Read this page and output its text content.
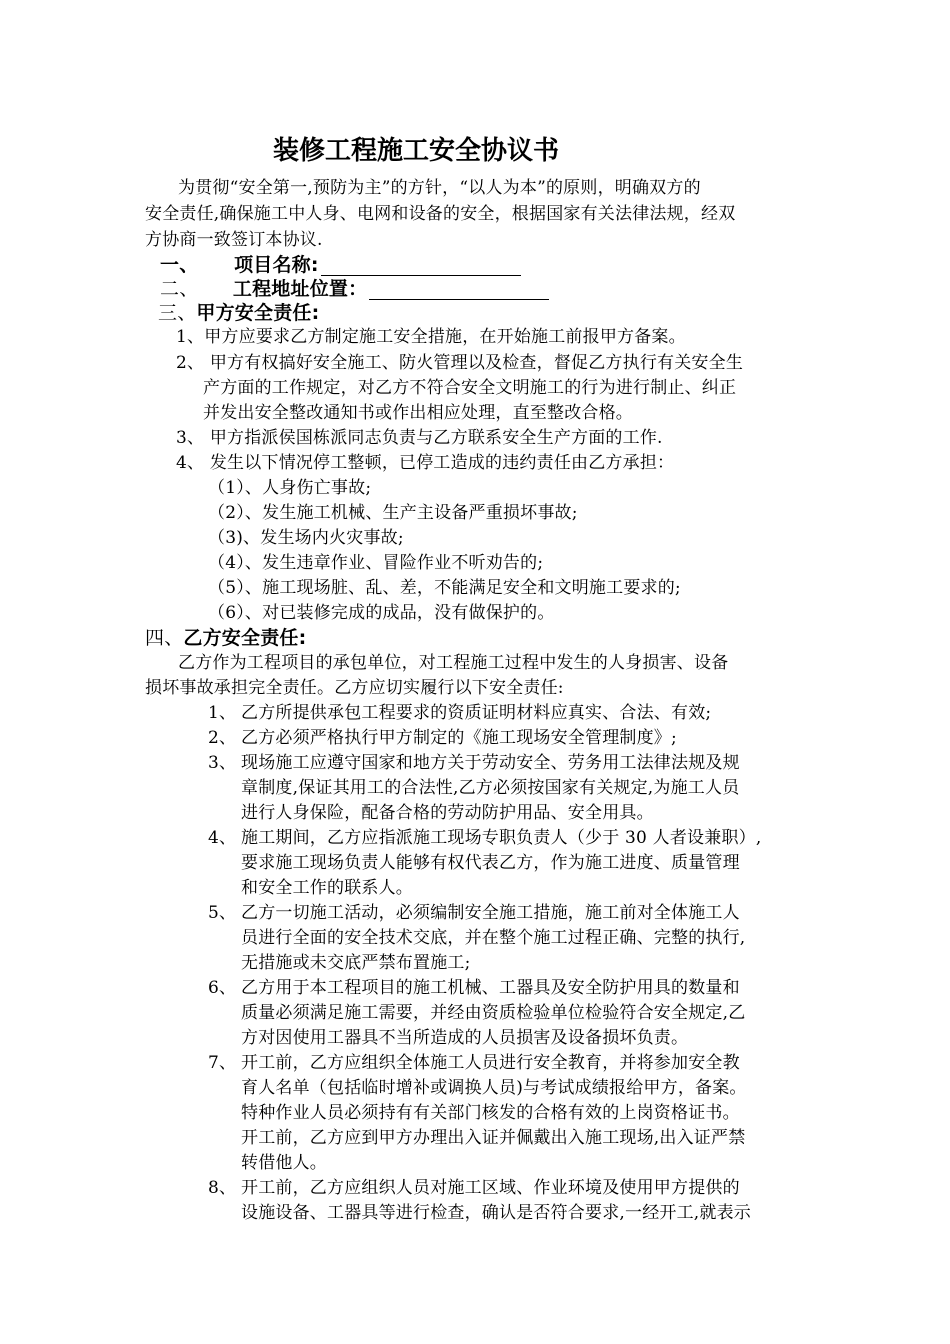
装修工程施工安全协议书
为贯彻“安全第一,预防为主”的方针，“以人为本”的原则，明确双方的
安全责任,确保施工中人身、电网和设备的安全，根据国家有关法律法规，经双
方协商一致签订本协议.
一、 项目名称:
二、 工程地址位置：
三、甲方安全责任:
1、甲方应要求乙方制定施工安全措施，在开始施工前报甲方备案。
2、 甲方有权搞好安全施工、防火管理以及检查，督促乙方执行有关安全生
产方面的工作规定，对乙方不符合安全文明施工的行为进行制止、纠正
并发出安全整改通知书或作出相应处理，直至整改合格。
3、 甲方指派侯国栋派同志负责与乙方联系安全生产方面的工作.
4、 发生以下情况停工整顿，已停工造成的违约责任由乙方承担：
（1）、人身伤亡事故;
（2）、发生施工机械、生产主设备严重损坏事故;
（3)、发生场内火灾事故;
（4）、发生违章作业、冒险作业不听劝告的;
（5）、施工现场脏、乱、差，不能满足安全和文明施工要求的;
（6）、对已装修完成的成品，没有做保护的。
四、乙方安全责任:
乙方作为工程项目的承包单位，对工程施工过程中发生的人身损害、设备
损坏事故承担完全责任。乙方应切实履行以下安全责任:
1、 乙方所提供承包工程要求的资质证明材料应真实、合法、有效;
2、 乙方必须严格执行甲方制定的《施工现场安全管理制度》;
3、 现场施工应遵守国家和地方关于劳动安全、劳务用工法律法规及规
章制度,保证其用工的合法性,乙方必须按国家有关规定,为施工人员
进行人身保险，配备合格的劳动防护用品、安全用具。
4、 施工期间，乙方应指派施工现场专职负责人（少于 30 人者设兼职）,
要求施工现场负责人能够有权代表乙方，作为施工进度、质量管理
和安全工作的联系人。
5、 乙方一切施工活动，必须编制安全施工措施，施工前对全体施工人
员进行全面的安全技术交底，并在整个施工过程正确、完整的执行,
无措施或未交底严禁布置施工;
6、 乙方用于本工程项目的施工机械、工器具及安全防护用具的数量和
质量必须满足施工需要，并经由资质检验单位检验符合安全规定,乙
方对因使用工器具不当所造成的人员损害及设备损坏负责。
7、 开工前，乙方应组织全体施工人员进行安全教育，并将参加安全教
育人名单（包括临时增补或调换人员)与考试成绩报给甲方，备案。
特种作业人员必须持有有关部门核发的合格有效的上岗资格证书。
开工前，乙方应到甲方办理出入证并佩戴出入施工现场,出入证严禁
转借他人。
8、 开工前，乙方应组织人员对施工区域、作业环境及使用甲方提供的
设施设备、工器具等进行检查，确认是否符合要求,一经开工,就表示
